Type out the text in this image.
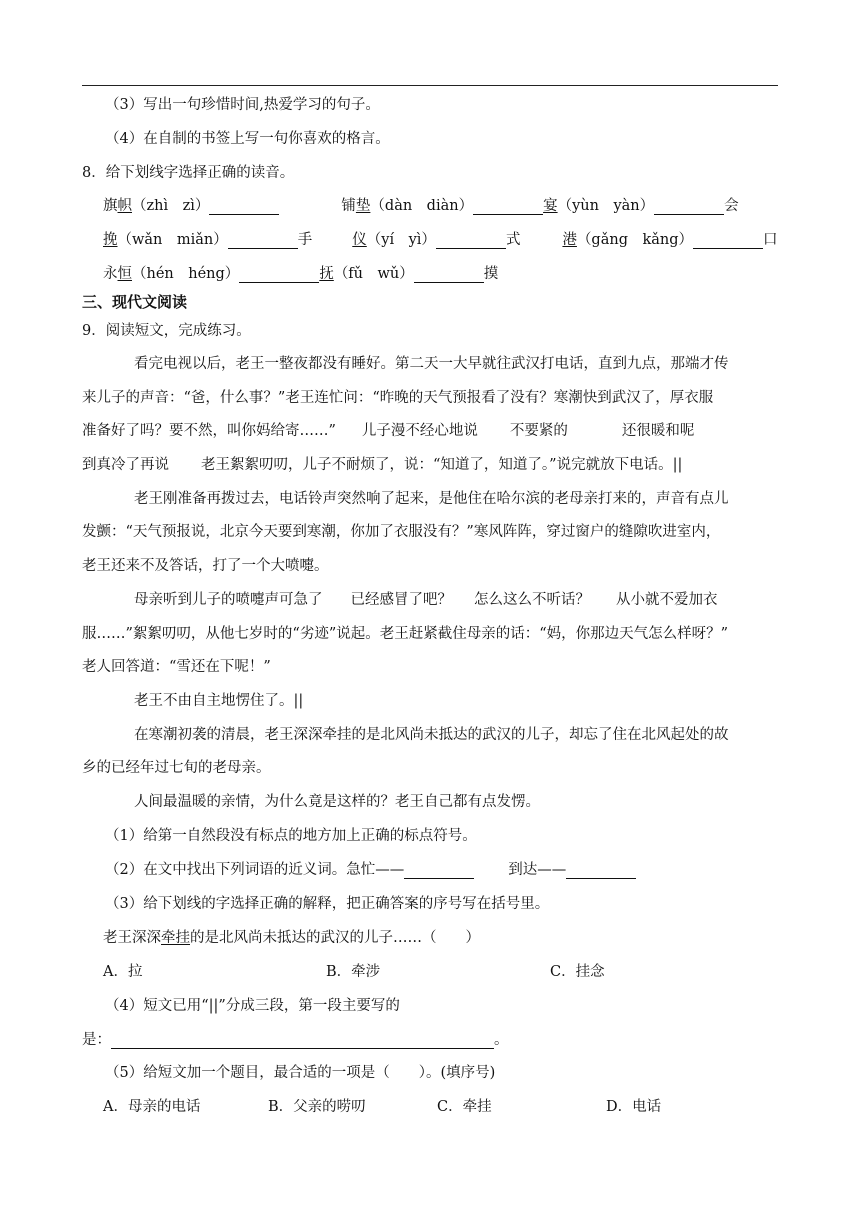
（3）写出一句珍惜时间,热爱学习的句子。
（4）在自制的书签上写一句你喜欢的格言。
8．给下划线字选择正确的读音。
旗帜（zhì　zì）	铺垫（dàn　diàn）	宴（yùn　yàn）	会
挽（wǎn　miǎn）	手	仪（yí　yì）	式	港（gǎng　kǎng）	口
永恒（hén　héng）	抚（fǔ　wǔ）	摸
三、现代文阅读
9．阅读短文，完成练习。
看完电视以后，老王一整夜都没有睡好。第二天一大早就往武汉打电话，直到九点，那端才传
来儿子的声音：“爸，什么事？”老王连忙问：“昨晚的天气预报看了没有？寒潮快到武汉了，厚衣服
准备好了吗？要不然，叫你妈给寄……” 儿子漫不经心地说 不要紧的	还很暖和呢
到真冷了再说 老王絮絮叨叨，儿子不耐烦了，说：“知道了，知道了。”说完就放下电话。||
老王刚准备再拨过去，电话铃声突然响了起来，是他住在哈尔滨的老母亲打来的，声音有点儿
发颤：“天气预报说，北京今天要到寒潮，你加了衣服没有？”寒风阵阵，穿过窗户的缝隙吹进室内，
老王还来不及答话，打了一个大喷嚏。
母亲听到儿子的喷嚏声可急了 已经感冒了吧？ 怎么这么不听话？ 从小就不爱加衣
服……”絮絮叨叨，从他七岁时的“劣迹”说起。老王赶紧截住母亲的话：“妈，你那边天气怎么样呀？”
老人回答道：“雪还在下呢！”
老王不由自主地愣住了。||
在寒潮初袭的清晨，老王深深牵挂的是北风尚未抵达的武汉的儿子，却忘了住在北风起处的故
乡的已经年过七旬的老母亲。
人间最温暖的亲情，为什么竟是这样的？老王自己都有点发愣。
（1）给第一自然段没有标点的地方加上正确的标点符号。
（2）在文中找出下列词语的近义词。急忙——	到达——
（3）给下划线的字选择正确的解释，把正确答案的序号写在括号里。
老王深深牵挂的是北风尚未抵达的武汉的儿子……（　　）
A．拉	B．牵涉	C．挂念
（4）短文已用“||”分成三段，第一段主要写的
是：	。
（5）给短文加一个题目，最合适的一项是（　　）。(填序号)
A．母亲的电话	B．父亲的唠叨	C．牵挂	D．电话
